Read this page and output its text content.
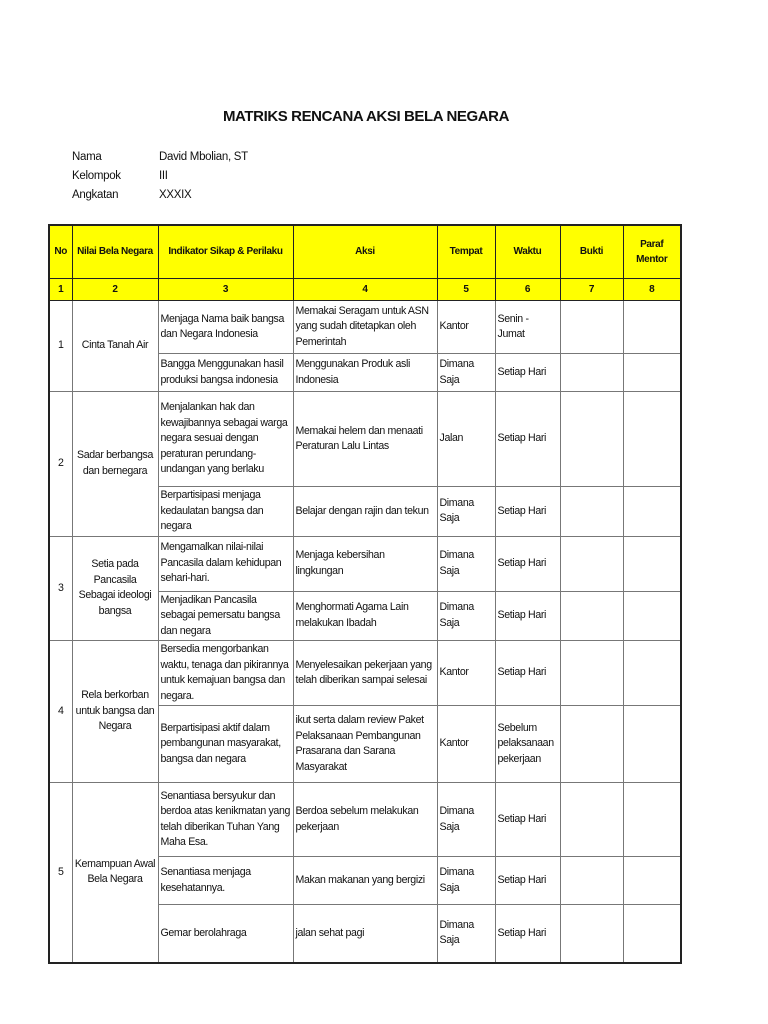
MATRIKS RENCANA AKSI BELA NEGARA
Nama	David Mbolian, ST
Kelompok	III
Angkatan	XXXIX
No	Nilai Bela Negara	Indikator Sikap & Perilaku	Aksi	Tempat	Waktu	Bukti	Paraf Mentor
1	2	3	4	5	6	7	8
1	Cinta Tanah Air	Menjaga Nama baik bangsa dan Negara Indonesia	Memakai Seragam untuk ASN yang sudah ditetapkan oleh Pemerintah	Kantor	Senin - Jumat		
		Bangga Menggunakan hasil produksi bangsa indonesia	Menggunakan Produk asli Indonesia	Dimana Saja	Setiap Hari		
2	Sadar berbangsa dan bernegara	Menjalankan hak dan kewajibannya sebagai warga negara sesuai dengan peraturan perundang-undangan yang berlaku	Memakai helem dan menaati Peraturan Lalu Lintas	Jalan	Setiap Hari		
		Berpartisipasi menjaga kedaulatan bangsa dan negara	Belajar dengan rajin dan tekun	Dimana Saja	Setiap Hari		
3	Setia pada Pancasila Sebagai ideologi bangsa	Mengamalkan nilai-nilai Pancasila dalam kehidupan sehari-hari.	Menjaga kebersihan lingkungan	Dimana Saja	Setiap Hari		
		Menjadikan Pancasila sebagai pemersatu bangsa dan negara	Menghormati Agama Lain melakukan Ibadah	Dimana Saja	Setiap Hari		
4	Rela berkorban untuk bangsa dan Negara	Bersedia mengorbankan waktu, tenaga dan pikirannya untuk kemajuan bangsa dan negara.	Menyelesaikan pekerjaan yang telah diberikan sampai selesai	Kantor	Setiap Hari		
		Berpartisipasi aktif dalam pembangunan masyarakat, bangsa dan negara	ikut serta dalam review Paket Pelaksanaan Pembangunan Prasarana dan Sarana Masyarakat	Kantor	Sebelum pelaksanaan pekerjaan		
5	Kemampuan Awal Bela Negara	Senantiasa bersyukur dan berdoa atas kenikmatan yang telah diberikan Tuhan Yang Maha Esa.	Berdoa sebelum melakukan pekerjaan	Dimana Saja	Setiap Hari		
		Senantiasa menjaga kesehatannya.	Makan makanan yang bergizi	Dimana Saja	Setiap Hari		
		Gemar berolahraga	jalan sehat pagi	Dimana Saja	Setiap Hari		
